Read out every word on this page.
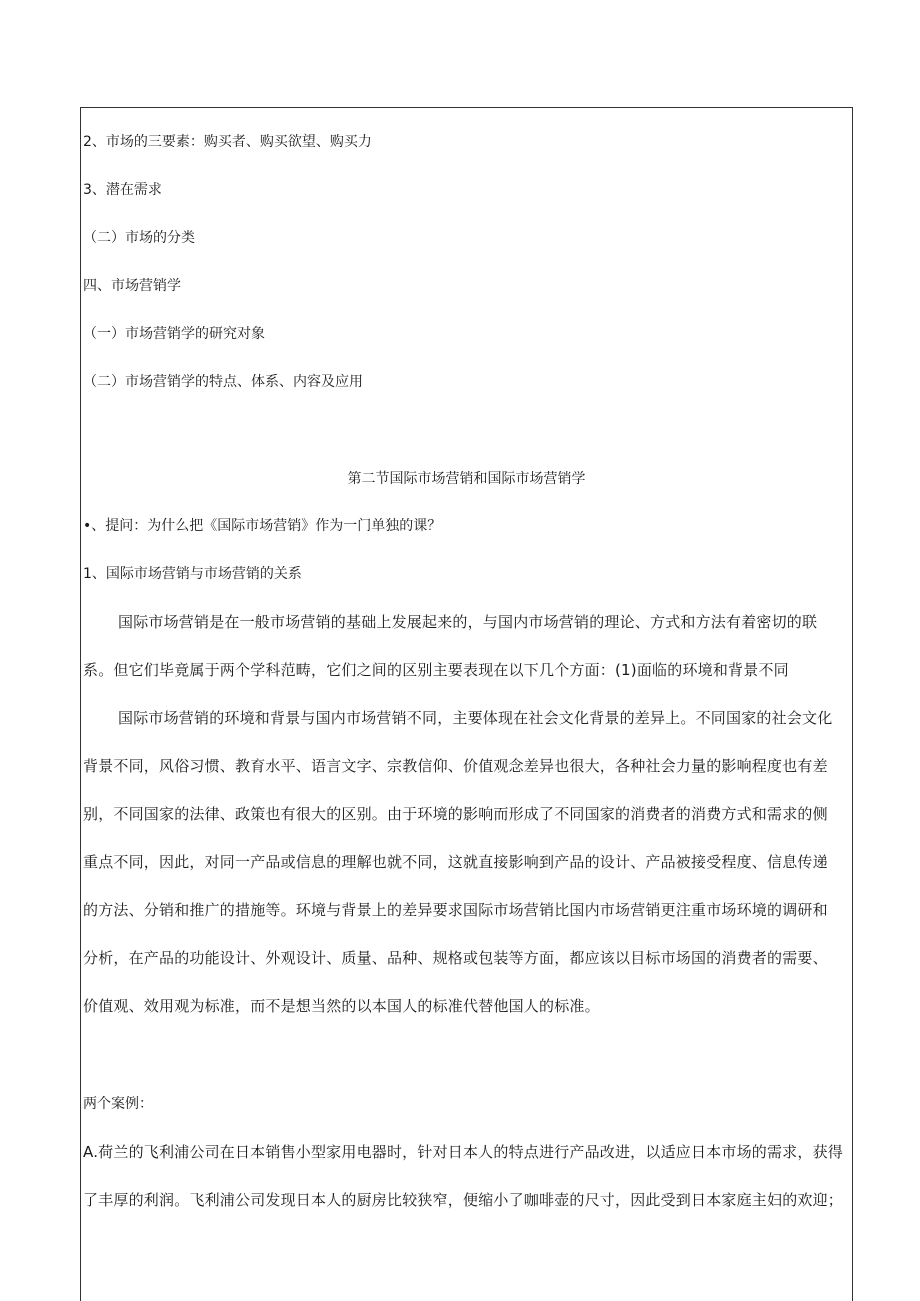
2、市场的三要素：购买者、购买欲望、购买力
3、潜在需求
（二）市场的分类
四、市场营销学
（一）市场营销学的研究对象
（二）市场营销学的特点、体系、内容及应用
第二节国际市场营销和国际市场营销学
•、提问：为什么把《国际市场营销》作为一门单独的课？
1、国际市场营销与市场营销的关系
国际市场营销是在一般市场营销的基础上发展起来的，与国内市场营销的理论、方式和方法有着密切的联
系。但它们毕竟属于两个学科范畴，它们之间的区别主要表现在以下几个方面：(1)面临的环境和背景不同
国际市场营销的环境和背景与国内市场营销不同，主要体现在社会文化背景的差异上。不同国家的社会文化
背景不同，风俗习惯、教育水平、语言文字、宗教信仰、价值观念差异也很大，各种社会力量的影响程度也有差
别，不同国家的法律、政策也有很大的区别。由于环境的影响而形成了不同国家的消费者的消费方式和需求的侧
重点不同，因此，对同一产品或信息的理解也就不同，这就直接影响到产品的设计、产品被接受程度、信息传递
的方法、分销和推广的措施等。环境与背景上的差异要求国际市场营销比国内市场营销更注重市场环境的调研和
分析，在产品的功能设计、外观设计、质量、品种、规格或包装等方面，都应该以目标市场国的消费者的需要、
价值观、效用观为标准，而不是想当然的以本国人的标准代替他国人的标准。
两个案例：
A.荷兰的飞利浦公司在日本销售小型家用电器时，针对日本人的特点进行产品改进，以适应日本市场的需求，获得
了丰厚的利润。飞利浦公司发现日本人的厨房比较狭窄，便缩小了咖啡壶的尺寸，因此受到日本家庭主妇的欢迎；
